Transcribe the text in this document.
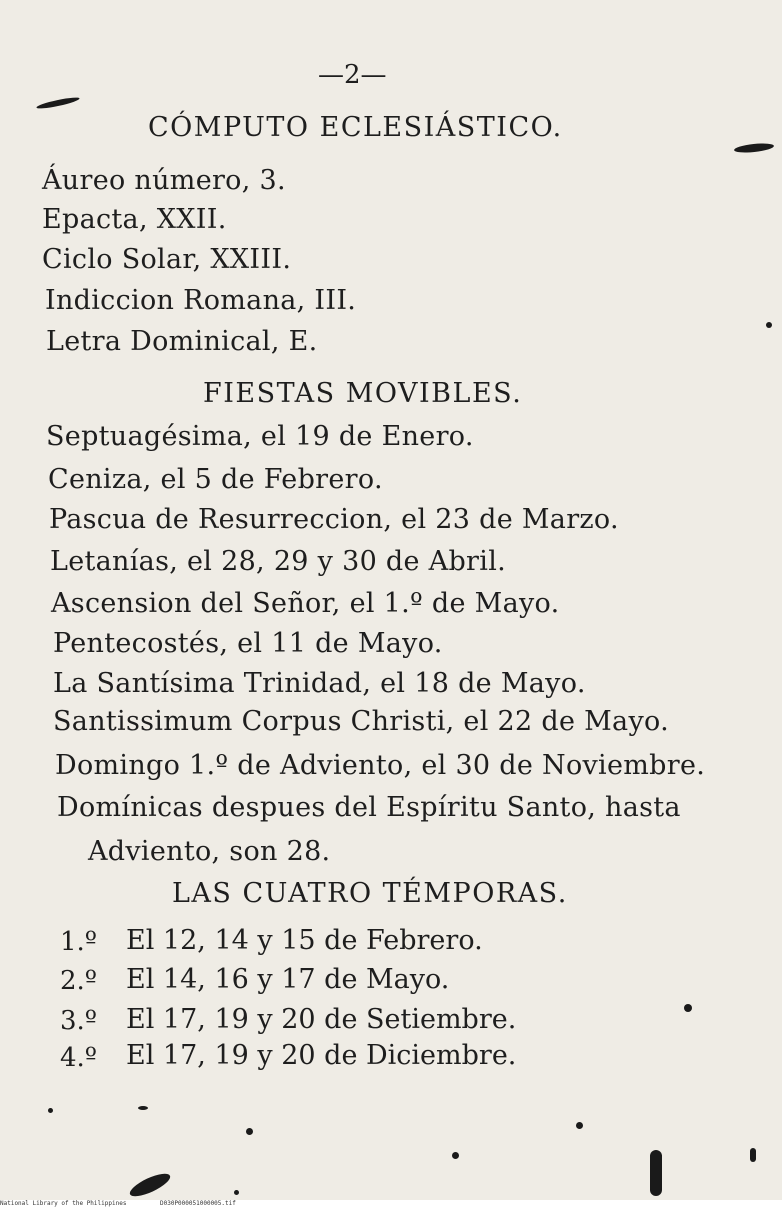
—2—
CÓMPUTO ECLESIÁSTICO.
Áureo número, 3.
Epacta, XXII.
Ciclo Solar, XXIII.
Indiccion Romana, III.
Letra Dominical, E.
FIESTAS MOVIBLES.
Septuagésima, el 19 de Enero.
Ceniza, el 5 de Febrero.
Pascua de Resurreccion, el 23 de Marzo.
Letanías, el 28, 29 y 30 de Abril.
Ascension del Señor, el 1.º de Mayo.
Pentecostés, el 11 de Mayo.
La Santísima Trinidad, el 18 de Mayo.
Santissimum Corpus Christi, el 22 de Mayo.
Domingo 1.º de Adviento, el 30 de Noviembre.
Domínicas despues del Espíritu Santo, hasta
Adviento, son 28.
LAS CUATRO TÉMPORAS.
1.º El 12, 14 y 15 de Febrero.
2.º El 14, 16 y 17 de Mayo.
3.º El 17, 19 y 20 de Setiembre.
4.º El 17, 19 y 20 de Diciembre.
National Library of the Philippines	D030P000051000005.tif
